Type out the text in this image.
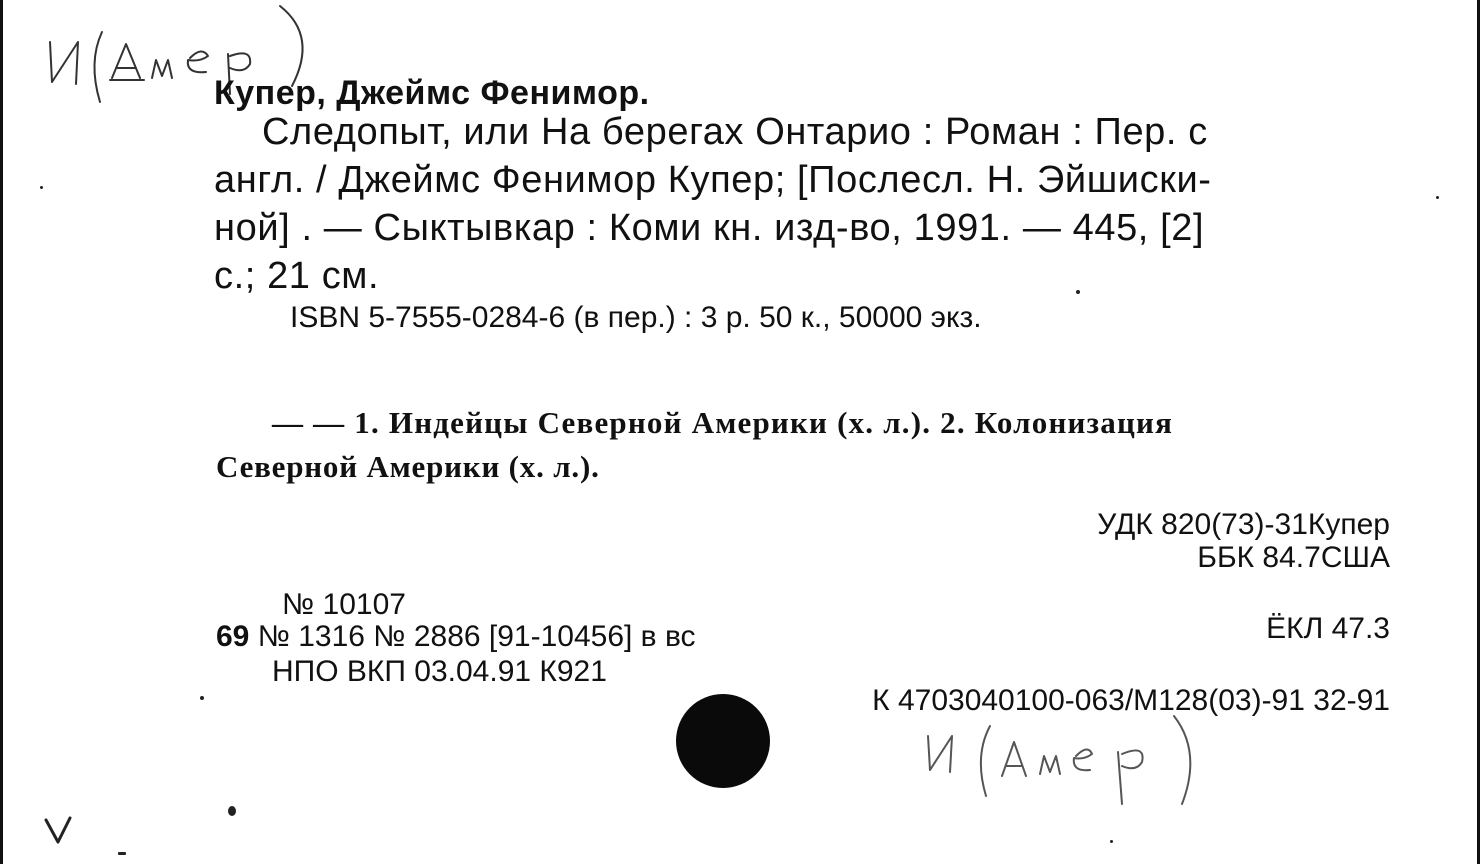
Купер, Джеймс Фенимор.
Следопыт, или На берегах Онтарио : Роман : Пер. с
англ. / Джеймс Фенимор Купер; [Послесл. Н. Эйшиски-
ной] . — Сыктывкар : Коми кн. изд-во, 1991. — 445, [2]
с.; 21 см.
ISBN 5-7555-0284-6 (в пер.) : 3 р. 50 к., 50000 экз.
— — 1. Индейцы Северной Америки (х. л.). 2. Колонизация
Северной Америки (х. л.).
УДК 820(73)-31Купер
ББК 84.7США
ЁКЛ 47.3
№ 10107
69 № 1316 № 2886 [91-10456] в вс
НПО ВКП 03.04.91 К921
К 4703040100-063/М128(03)-91 32-91
